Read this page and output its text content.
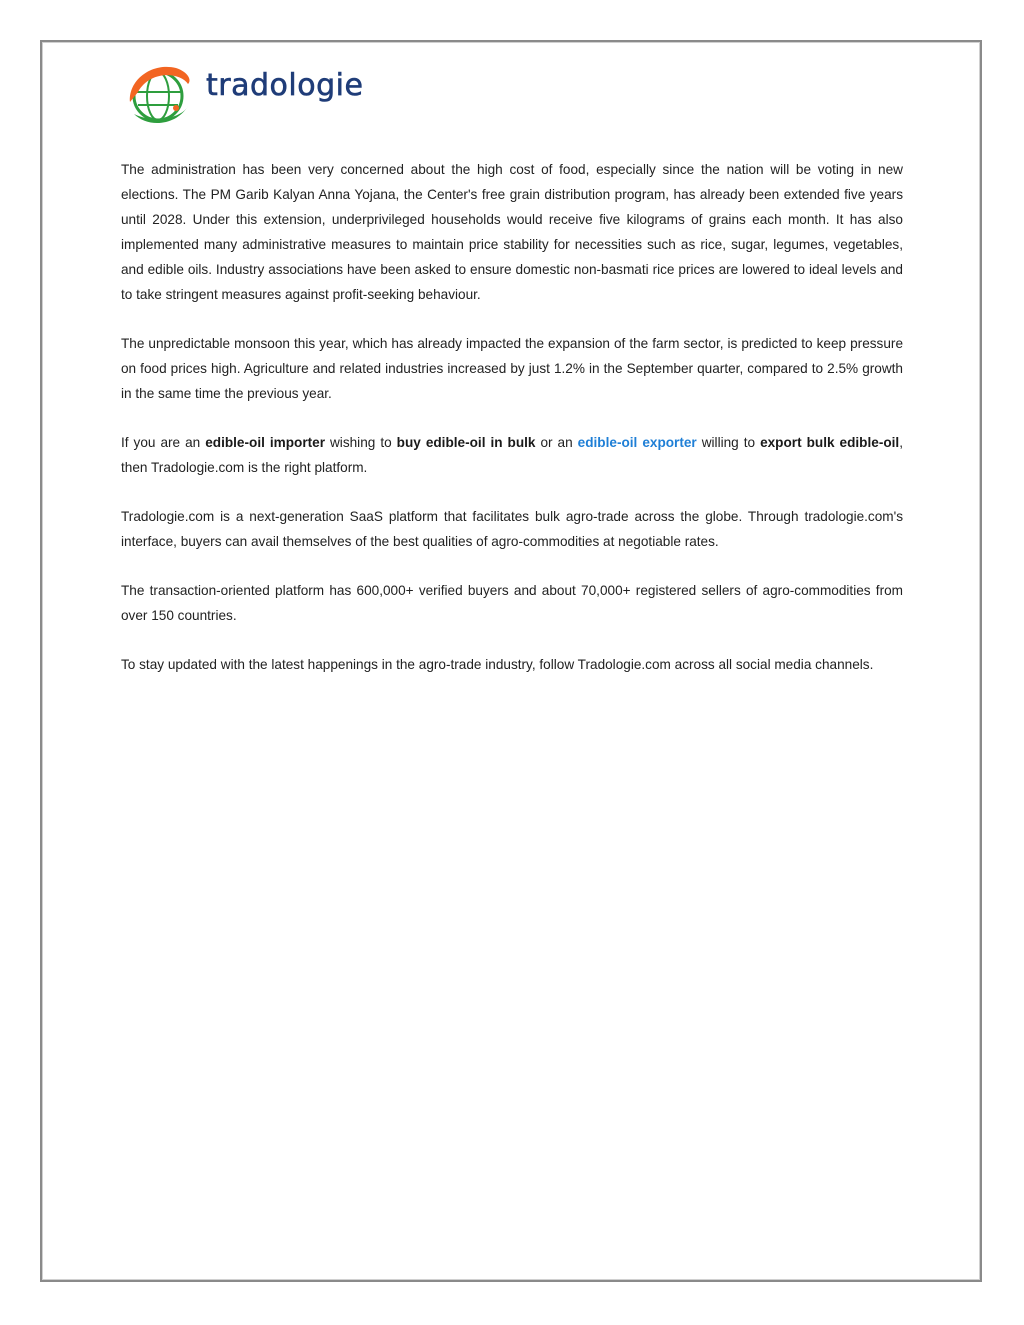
tradologie

The administration has been very concerned about the high cost of food, especially since the nation will be voting in new elections. The PM Garib Kalyan Anna Yojana, the Center's free grain distribution program, has already been extended five years until 2028. Under this extension, underprivileged households would receive five kilograms of grains each month. It has also implemented many administrative measures to maintain price stability for necessities such as rice, sugar, legumes, vegetables, and edible oils. Industry associations have been asked to ensure domestic non-basmati rice prices are lowered to ideal levels and to take stringent measures against profit-seeking behaviour.

The unpredictable monsoon this year, which has already impacted the expansion of the farm sector, is predicted to keep pressure on food prices high. Agriculture and related industries increased by just 1.2% in the September quarter, compared to 2.5% growth in the same time the previous year.

If you are an edible-oil importer wishing to buy edible-oil in bulk or an edible-oil exporter willing to export bulk edible-oil, then Tradologie.com is the right platform.

Tradologie.com is a next-generation SaaS platform that facilitates bulk agro-trade across the globe. Through tradologie.com's interface, buyers can avail themselves of the best qualities of agro-commodities at negotiable rates.

The transaction-oriented platform has 600,000+ verified buyers and about 70,000+ registered sellers of agro-commodities from over 150 countries.

To stay updated with the latest happenings in the agro-trade industry, follow Tradologie.com across all social media channels.
